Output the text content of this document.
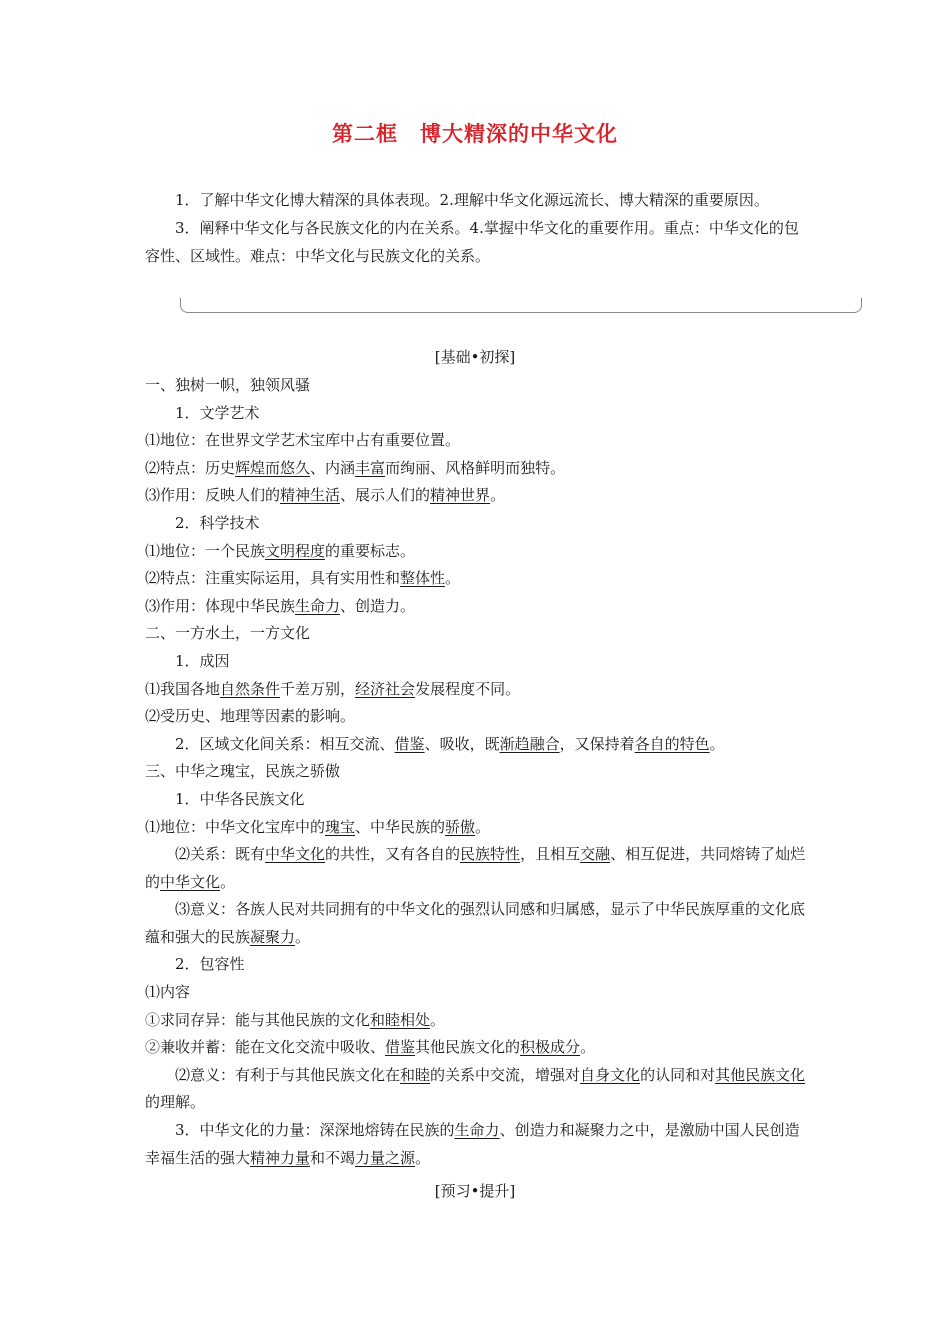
第二框　博大精深的中华文化

1．了解中华文化博大精深的具体表现。2.理解中华文化源远流长、博大精深的重要原因。

3．阐释中华文化与各民族文化的内在关系。4.掌握中华文化的重要作用。重点：中华文化的包容性、区域性。难点：中华文化与民族文化的关系。

[基础•初探]

一、独树一帜，独领风骚

1．文学艺术

⑴地位：在世界文学艺术宝库中占有重要位置。

⑵特点：历史辉煌而悠久、内涵丰富而绚丽、风格鲜明而独特。

⑶作用：反映人们的精神生活、展示人们的精神世界。

2．科学技术

⑴地位：一个民族文明程度的重要标志。

⑵特点：注重实际运用，具有实用性和整体性。

⑶作用：体现中华民族生命力、创造力。

二、一方水土，一方文化

1．成因

⑴我国各地自然条件千差万别，经济社会发展程度不同。

⑵受历史、地理等因素的影响。

2．区域文化间关系：相互交流、借鉴、吸收，既渐趋融合，又保持着各自的特色。

三、中华之瑰宝，民族之骄傲

1．中华各民族文化

⑴地位：中华文化宝库中的瑰宝、中华民族的骄傲。

⑵关系：既有中华文化的共性，又有各自的民族特性，且相互交融、相互促进，共同熔铸了灿烂的中华文化。

⑶意义：各族人民对共同拥有的中华文化的强烈认同感和归属感，显示了中华民族厚重的文化底蕴和强大的民族凝聚力。

2．包容性

⑴内容

①求同存异：能与其他民族的文化和睦相处。

②兼收并蓄：能在文化交流中吸收、借鉴其他民族文化的积极成分。

⑵意义：有利于与其他民族文化在和睦的关系中交流，增强对自身文化的认同和对其他民族文化的理解。

3．中华文化的力量：深深地熔铸在民族的生命力、创造力和凝聚力之中，是激励中国人民创造幸福生活的强大精神力量和不竭力量之源。

[预习•提升]
